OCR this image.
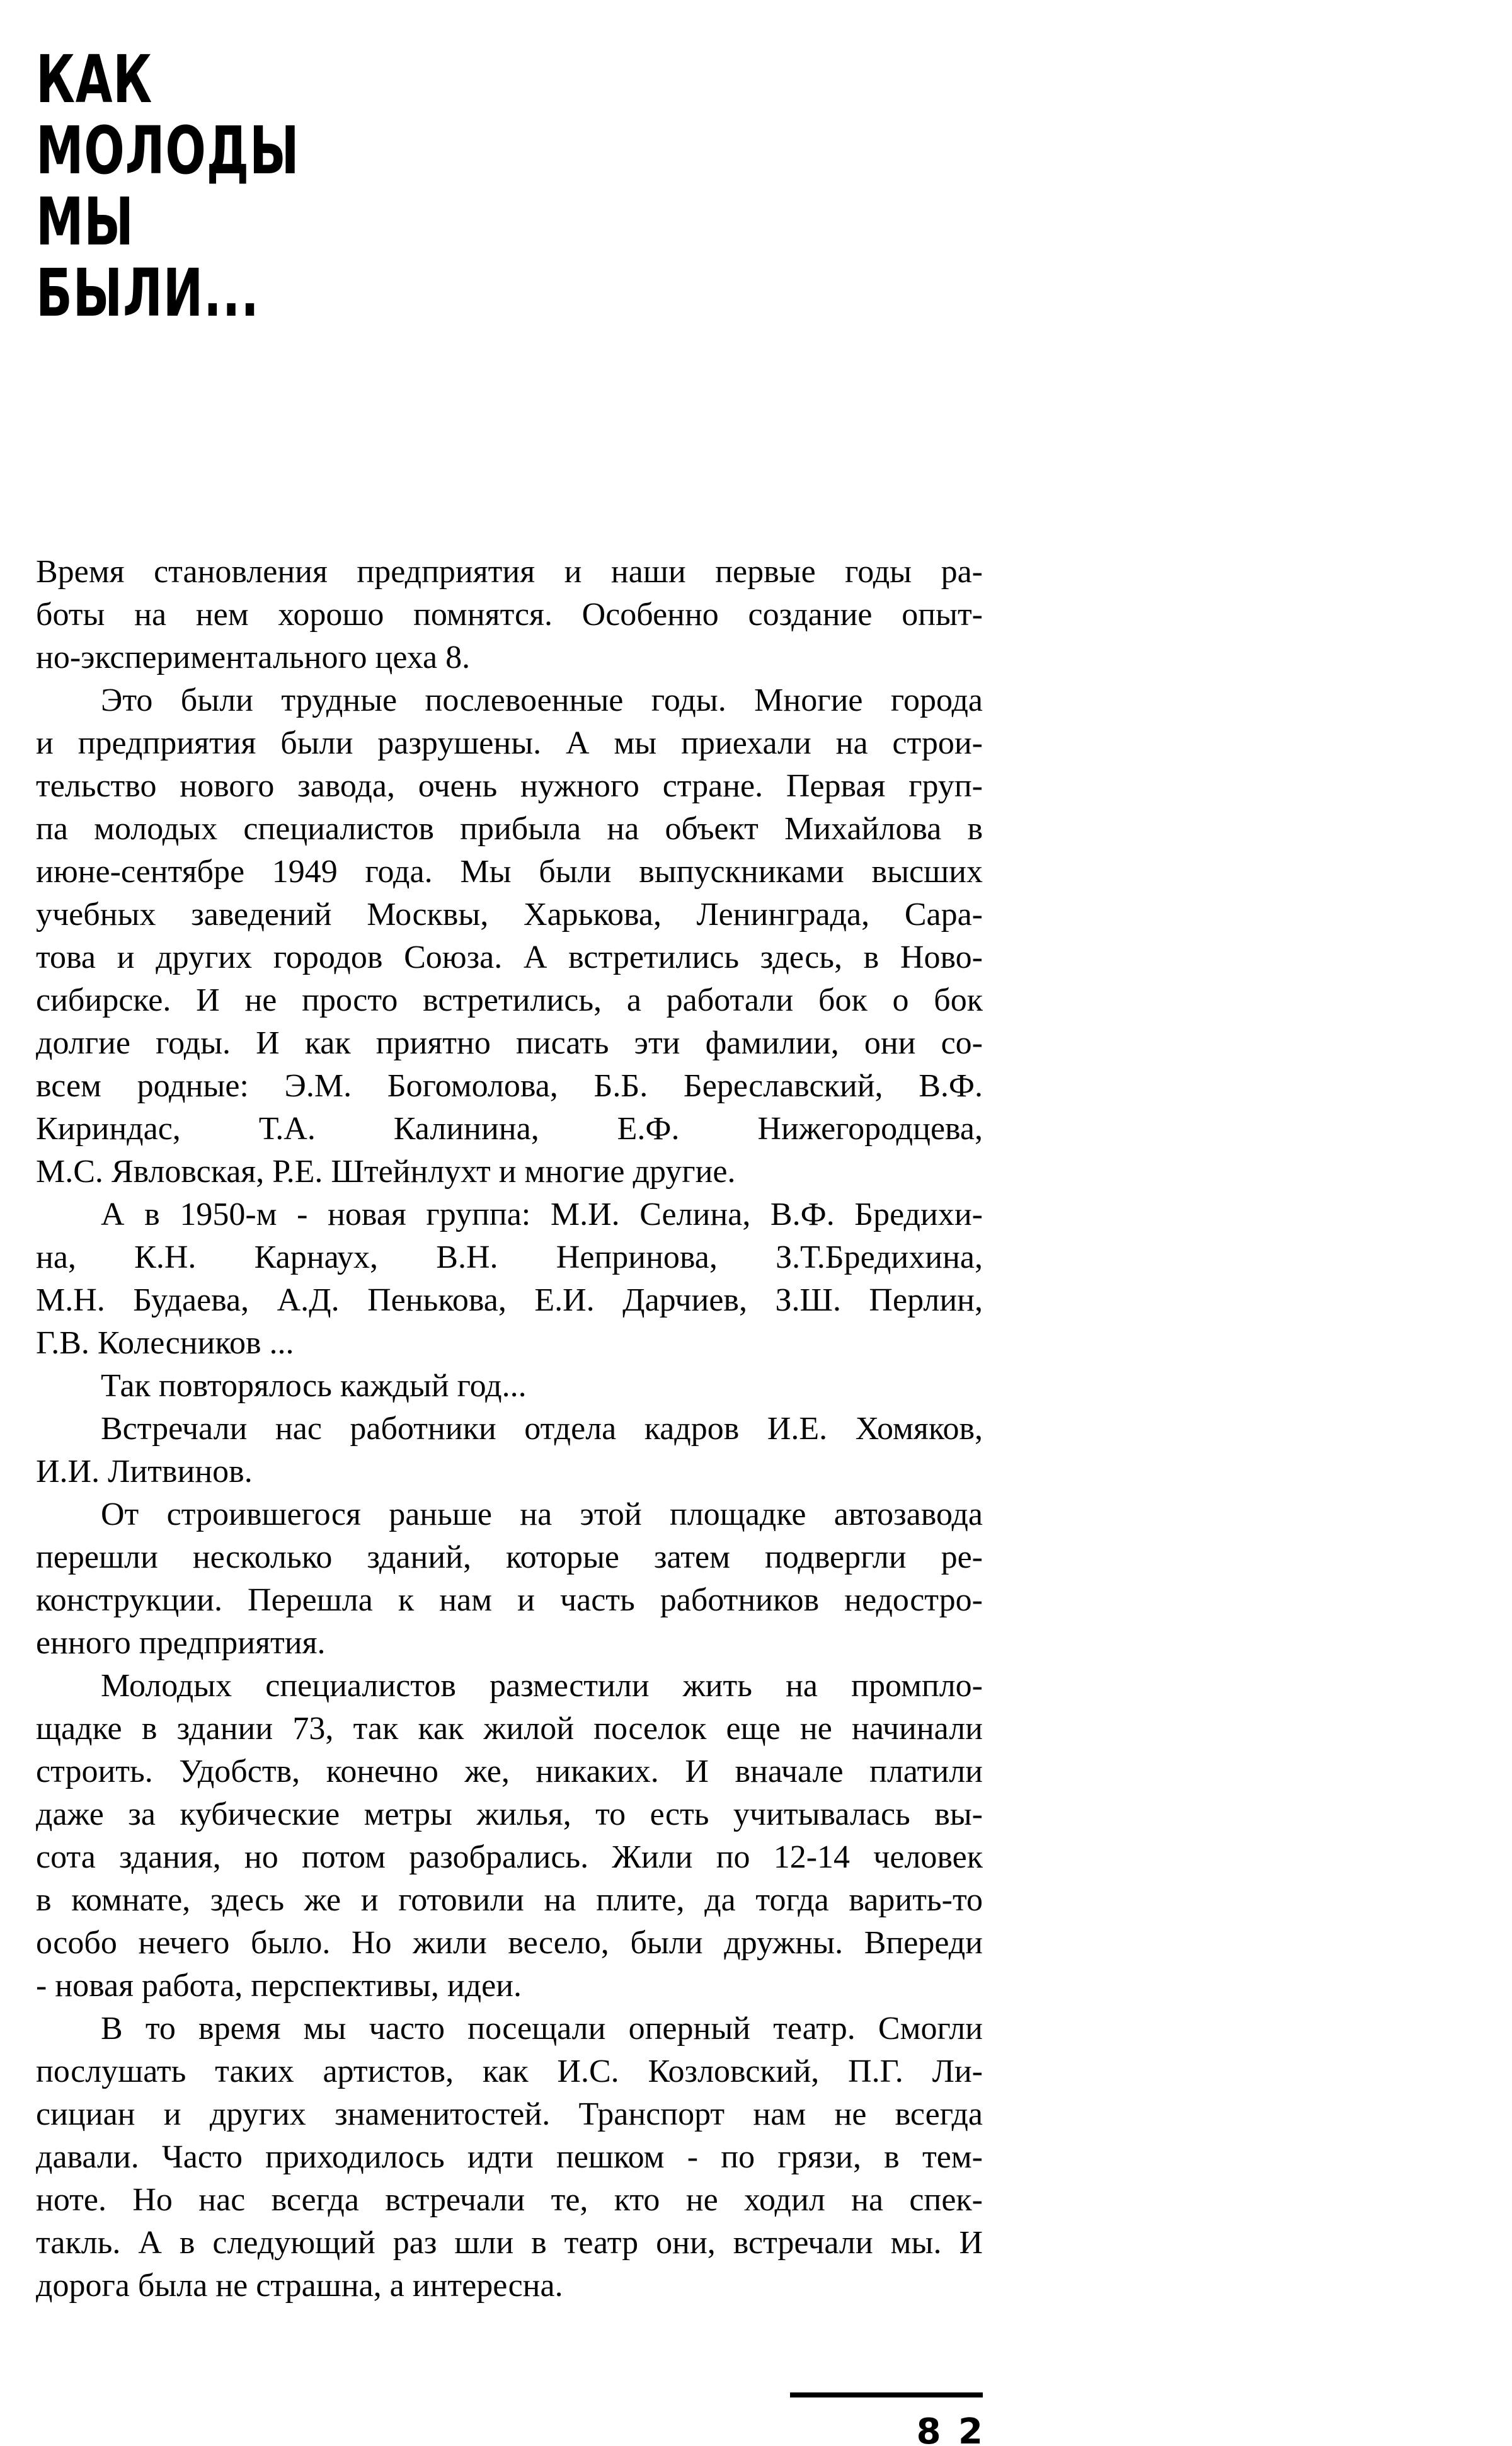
КАК
МОЛОДЫ
МЫ
БЫЛИ...
Время становления предприятия и наши первые годы ра-
боты на нем хорошо помнятся. Особенно создание опыт-
но-экспериментального цеха 8.
Это были трудные послевоенные годы. Многие города
и предприятия были разрушены. А мы приехали на строи-
тельство нового завода, очень нужного стране. Первая груп-
па молодых специалистов прибыла на объект Михайлова в
июне-сентябре 1949 года. Мы были выпускниками высших
учебных заведений Москвы, Харькова, Ленинграда, Сара-
това и других городов Союза. А встретились здесь, в Ново-
сибирске. И не просто встретились, а работали бок о бок
долгие годы. И как приятно писать эти фамилии, они со-
всем родные: Э.М. Богомолова, Б.Б. Береславский, В.Ф.
Кириндас, Т.А. Калинина, Е.Ф. Нижегородцева,
М.С. Явловская, Р.Е. Штейнлухт и многие другие.
А в 1950-м - новая группа: М.И. Селина, В.Ф. Бредихи-
на, К.Н. Карнаух, В.Н. Непринова, З.Т.Бредихина,
М.Н. Будаева, А.Д. Пенькова, Е.И. Дарчиев, З.Ш. Перлин,
Г.В. Колесников ...
Так повторялось каждый год...
Встречали нас работники отдела кадров И.Е. Хомяков,
И.И. Литвинов.
От строившегося раньше на этой площадке автозавода
перешли несколько зданий, которые затем подвергли ре-
конструкции. Перешла к нам и часть работников недостро-
енного предприятия.
Молодых специалистов разместили жить на промпло-
щадке в здании 73, так как жилой поселок еще не начинали
строить. Удобств, конечно же, никаких. И вначале платили
даже за кубические метры жилья, то есть учитывалась вы-
сота здания, но потом разобрались. Жили по 12-14 человек
в комнате, здесь же и готовили на плите, да тогда варить-то
особо нечего было. Но жили весело, были дружны. Впереди
- новая работа, перспективы, идеи.
В то время мы часто посещали оперный театр. Смогли
послушать таких артистов, как И.С. Козловский, П.Г. Ли-
сициан и других знаменитостей. Транспорт нам не всегда
давали. Часто приходилось идти пешком - по грязи, в тем-
ноте. Но нас всегда встречали те, кто не ходил на спек-
такль. А в следующий раз шли в театр они, встречали мы. И
дорога была не страшна, а интересна.
8 2
